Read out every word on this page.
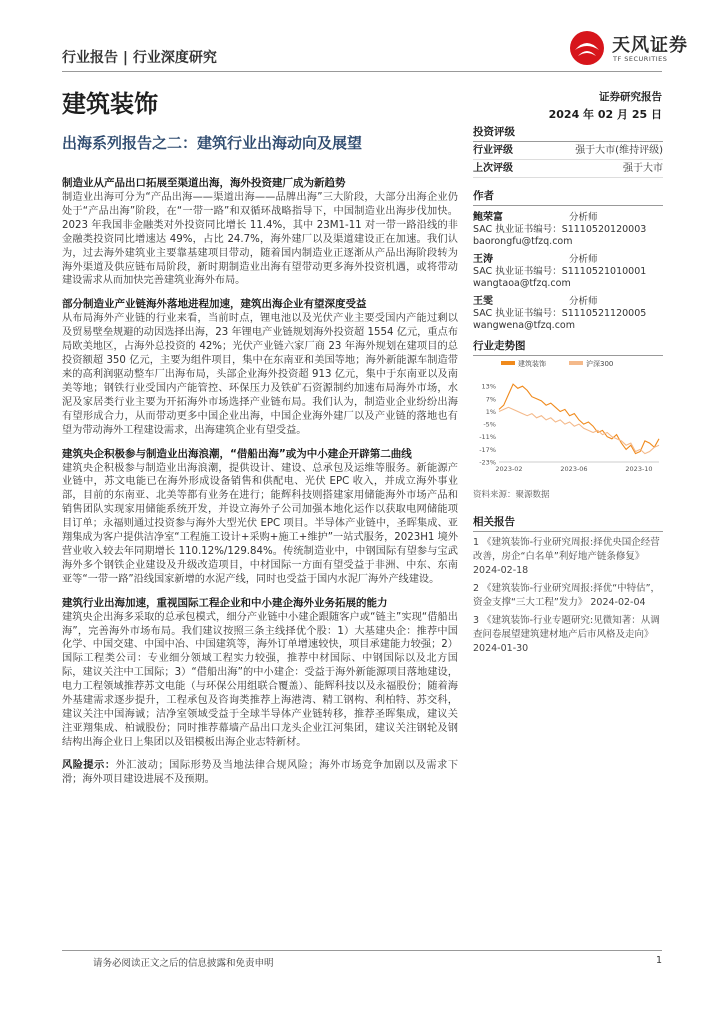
行业报告 | 行业深度研究
天风证券
TF SECURITIES
建筑装饰	证券研究报告
2024 年 02 月 25 日
出海系列报告之二：建筑行业出海动向及展望
制造业从产品出口拓展至渠道出海，海外投资建厂成为新趋势

制造业出海可分为“产品出海——渠道出海——品牌出海”三大阶段，大部分出海企业仍处于“产品出海”阶段，在“一带一路”和双循环战略指导下，中国制造业出海步伐加快。2023 年我国非金融类对外投资同比增长 11.4%，其中 23M1-11 对一带一路沿线的非金融类投资同比增速达 49%，占比 24.7%，海外建厂以及渠道建设正在加速。我们认为，过去海外建筑业主要靠基建项目带动，随着国内制造业正逐渐从产品出海阶段转为海外渠道及供应链布局阶段，新时期制造业出海有望带动更多海外投资机遇，或将带动建设需求从而加快完善建筑业海外布局。

部分制造业产业链海外落地进程加速，建筑出海企业有望深度受益

从布局海外产业链的行业来看，当前时点，锂电池以及光伏产业主要受国内产能过剩以及贸易壁垒规避的动因选择出海，23 年锂电产业链规划海外投资超 1554 亿元，重点布局欧美地区，占海外总投资的 42%；光伏产业链六家厂商 23 年海外规划在建项目的总投资额超 350 亿元，主要为组件项目，集中在东南亚和美国等地；海外新能源车制造带来的高利润驱动整车厂出海布局，头部企业海外投资超 913 亿元，集中于东南亚以及南美等地；钢铁行业受国内产能管控、环保压力及铁矿石资源制约加速布局海外市场，水泥及家居类行业主要为开拓海外市场选择产业链布局。我们认为，制造业企业纷纷出海有望形成合力，从而带动更多中国企业出海，中国企业海外建厂以及产业链的落地也有望为带动海外工程建设需求，出海建筑企业有望受益。

建筑央企积极参与制造业出海浪潮，“借船出海”或为中小建企开辟第二曲线

建筑央企积极参与制造业出海浪潮，提供设计、建设、总承包及运维等服务。新能源产业链中，苏文电能已在海外形成设备销售和供配电、光伏 EPC 收入，并成立海外事业部，目前的东南亚、北美等都有业务在进行；能辉科技则搭建家用储能海外市场产品和销售团队实现家用储能系统开发，并设立海外子公司加强本地化运作以获取电网储能项目订单；永福则通过投资参与海外大型光伏 EPC 项目。半导体产业链中，圣晖集成、亚翔集成为客户提供洁净室“工程施工设计+采购+施工+维护”一站式服务，2023H1 境外营业收入较去年同期增长 110.12%/129.84%。传统制造业中，中钢国际有望参与宝武海外多个钢铁企业建设及升级改造项目，中材国际一方面有望受益于非洲、中东、东南亚等“一带一路”沿线国家新增的水泥产线，同时也受益于国内水泥厂海外产线建设。

建筑行业出海加速，重视国际工程企业和中小建企海外业务拓展的能力

建筑央企出海多采取的总承包模式，细分产业链中小建企跟随客户或“链主”实现“借船出海”，完善海外市场布局。我们建议按照三条主线择优个股：1）大基建央企：推荐中国化学、中国交建、中国中冶、中国建筑等，海外订单增速较快，项目承建能力较强；2）国际工程类公司：专业细分领域工程实力较强，推荐中材国际、中钢国际以及北方国际，建议关注中工国际；3）“借船出海”的中小建企：受益于海外新能源项目落地建设，电力工程领域推荐苏文电能（与环保公用组联合覆盖）、能辉科技以及永福股份；随着海外基建需求逐步提升，工程承包及咨询类推荐上海港湾、精工钢构、利柏特、苏交科，建议关注中国海诚；洁净室领域受益于全球半导体产业链转移，推荐圣晖集成，建议关注亚翔集成、柏诚股份；同时推荐幕墙产品出口龙头企业江河集团，建议关注钢轮及钢结构出海企业日上集团以及铝模板出海企业志特新材。

风险提示：外汇波动；国际形势及当地法律合规风险；海外市场竞争加剧以及需求下滑；海外项目建设进展不及预期。

投资评级
行业评级	强于大市(维持评级)
上次评级	强于大市
作者
鲍荣富	分析师
SAC 执业证书编号：S1110520120003
baorongfu@tfzq.com
王涛	分析师
SAC 执业证书编号：S1110521010001
wangtaoa@tfzq.com
王雯	分析师
SAC 执业证书编号：S1110521120005
wangwena@tfzq.com
行业走势图
建筑装饰	沪深300
13%
7%
1%
-5%
-11%
-17%
-23%
2023-02	2023-06	2023-10
资料来源：聚源数据
相关报告
1 《建筑装饰-行业研究周报:择优央国企经营改善，房企“白名单”利好地产链条修复》 2024-02-18
2 《建筑装饰-行业研究周报:择优“中特估”，资金支撑“三大工程”发力》 2024-02-04
3 《建筑装饰-行业专题研究:见微知著：从调查问卷展望建筑建材地产后市风格及走向》 2024-01-30
请务必阅读正文之后的信息披露和免责申明	1
